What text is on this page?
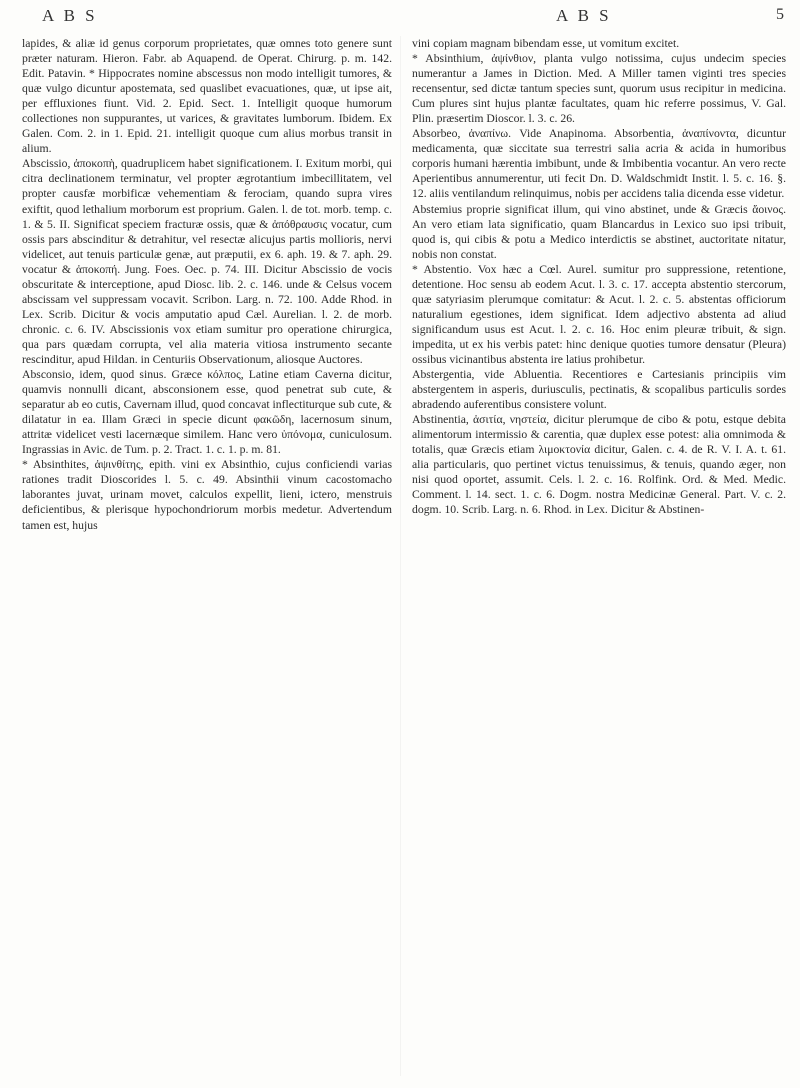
A B S	A B S	5

lapides, & aliæ id genus corporum proprietates, quæ omnes toto genere sunt præter naturam. Hieron. Fabr. ab Aquapend. de Operat. Chirurg. p. m. 142. Edit. Patavin. * Hippocrates nomine abscessus non modo intelligit tumores, & quæ vulgo dicuntur apostemata, sed quaslibet evacuationes, quæ, ut ipse ait, per effluxiones fiunt. Vid. 2. Epid. Sect. 1. Intelligit quoque humorum collectiones non suppurantes, ut varices, & gravitates lumborum. Ibidem. Ex Galen. Com. 2. in 1. Epid. 21. intelligit quoque cum alius morbus transit in alium.

Abscissio, ἀποκοπὴ, quadruplicem habet significationem. I. Exitum morbi, qui citra declinationem terminatur, vel propter ægrotantium imbecillitatem, vel propter causfæ morbificæ vehementiam & ferociam, quando supra vires exiftit, quod lethalium morborum est proprium. Galen. l. de tot. morb. temp. c. 1. & 5. II. Significat speciem fracturæ ossis, quæ & ἀπόθραυσις vocatur, cum ossis pars abscinditur & detrahitur, vel resectæ alicujus partis mollioris, nervi videlicet, aut tenuis particulæ genæ, aut præputii, ex 6. aph. 19. & 7. aph. 29. vocatur & ἀποκοπή. Jung. Foes. Oec. p. 74. III. Dicitur Abscissio de vocis obscuritate & interceptione, apud Diosc. lib. 2. c. 146. unde & Celsus vocem abscissam vel suppressam vocavit. Scribon. Larg. n. 72. 100. Adde Rhod. in Lex. Scrib. Dicitur & vocis amputatio apud Cæl. Aurelian. l. 2. de morb. chronic. c. 6. IV. Abscissionis vox etiam sumitur pro operatione chirurgica, qua pars quædam corrupta, vel alia materia vitiosa instrumento secante rescinditur, apud Hildan. in Centuriis Observationum, aliosque Auctores.

Absconsio, idem, quod sinus. Græce κόλπος, Latine etiam Caverna dicitur, quamvis nonnulli dicant, absconsionem esse, quod penetrat sub cute, & separatur ab eo cutis, Cavernam illud, quod concavat inflectiturque sub cute, & dilatatur in ea. Illam Græci in specie dicunt φακῶδη, lacernosum sinum, attritæ videlicet vesti lacernæque similem. Hanc vero ὑπόνομα, cuniculosum. Ingrassias in Avic. de Tum. p. 2. Tract. 1. c. 1. p. m. 81.

* Absinthites, ἀψινθίτης, epith. vini ex Absinthio, cujus conficiendi varias rationes tradit Dioscorides l. 5. c. 49. Absinthii vinum cacostomacho laborantes juvat, urinam movet, calculos expellit, lieni, ictero, menstruis deficientibus, & plerisque hypochondriorum morbis medetur. Advertendum tamen est, hujus

vini copiam magnam bibendam esse, ut vomitum excitet.

* Absinthium, ἀψίνθιον, planta vulgo notissima, cujus undecim species numerantur a James in Diction. Med. A Miller tamen viginti tres species recensentur, sed dictæ tantum species sunt, quorum usus recipitur in medicina. Cum plures sint hujus plantæ facultates, quam hic referre possimus, V. Gal. Plin. præsertim Dioscor. l. 3. c. 26.

Absorbeo, ἀναπίνω. Vide Anapinoma. Absorbentia, ἀναπίνοντα, dicuntur medicamenta, quæ siccitate sua terrestri salia acria & acida in humoribus corporis humani hærentia imbibunt, unde & Imbibentia vocantur. An vero recte Aperientibus annumerentur, uti fecit Dn. D. Waldschmidt Instit. l. 5. c. 16. §. 12. aliis ventilandum relinquimus, nobis per accidens talia dicenda esse videtur.

Abstemius proprie significat illum, qui vino abstinet, unde & Græcis ἄοινος. An vero etiam lata significatio, quam Blancardus in Lexico suo ipsi tribuit, quod is, qui cibis & potu a Medico interdictis se abstinet, auctoritate nitatur, nobis non constat.

* Abstentio. Vox hæc a Cœl. Aurel. sumitur pro suppressione, retentione, detentione. Hoc sensu ab eodem Acut. l. 3. c. 17. accepta abstentio stercorum, quæ satyriasim plerumque comitatur: & Acut. l. 2. c. 5. abstentas officiorum naturalium egestiones, idem significat. Idem adjectivo abstenta ad aliud significandum usus est Acut. l. 2. c. 16. Hoc enim pleuræ tribuit, & sign. impedita, ut ex his verbis patet: hinc denique quoties tumore densatur (Pleura) ossibus vicinantibus abstenta ire latius prohibetur.

Abstergentia, vide Abluentia. Recentiores e Cartesianis principiis vim abstergentem in asperis, duriusculis, pectinatis, & scopalibus particulis sordes abradendo auferentibus consistere volunt.

Abstinentia, ἀσιτία, νηστεία, dicitur plerumque de cibo & potu, estque debita alimentorum intermissio & carentia, quæ duplex esse potest: alia omnimoda & totalis, quæ Græcis etiam λιμοκτονία dicitur, Galen. c. 4. de R. V. I. A. t. 61. alia particularis, quo pertinet victus tenuissimus, & tenuis, quando æger, non nisi quod oportet, assumit. Cels. l. 2. c. 16. Rolfink. Ord. & Med. Medic. Comment. l. 14. sect. 1. c. 6. Dogm. nostra Medicinæ General. Part. V. c. 2. dogm. 10. Scrib. Larg. n. 6. Rhod. in Lex. Dicitur & Abstinen-
